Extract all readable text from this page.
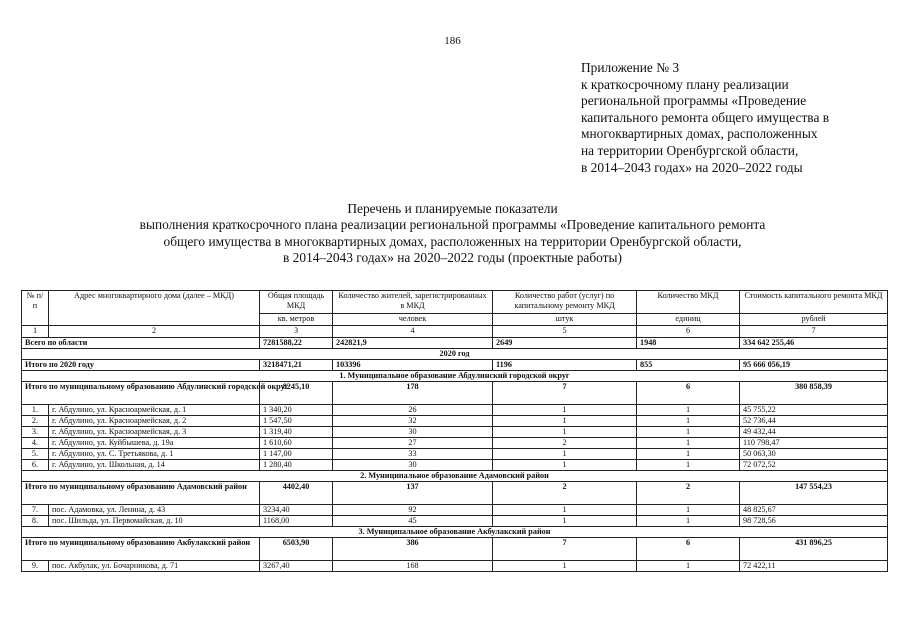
186
Приложение № 3
к краткосрочному плану реализации
региональной программы «Проведение
капитального ремонта общего имущества в
многоквартирных домах, расположенных
на территории Оренбургской области,
в 2014–2043 годах» на 2020–2022 годы
Перечень и планируемые показатели
выполнения краткосрочного плана реализации региональной программы «Проведение капитального ремонта
общего имущества в многоквартирных домах, расположенных на территории Оренбургской области,
в 2014–2043 годах» на 2020–2022 годы (проектные работы)
№ п/п	Адрес многоквартирного дома (далее – МКД)	Общая площадь МКД	Количество жителей, зарегистрированных в МКД	Количество работ (услуг) по капитальному ремонту МКД	Количество МКД	Стоимость капитального ремонта МКД
		кв. метров	человек	штук	единиц	рублей
1	2	3	4	5	6	7
Всего по области		7281588,22	242821,9	2649	1948	334 642 255,46
2020 год						
Итого по 2020 году		3218471,21	103396	1196	855	95 666 056,19
1. Муниципальное образование Абдулинский городской округ						
Итого по муниципальному образованию Абдулинский городской округ		8245,10	178	7	6	380 858,39
1.	г. Абдулино, ул. Красноармейская, д. 1	1 340,20	26	1	1	45 755,22
2.	г. Абдулино, ул. Красноармейская, д. 2	1 547,50	32	1	1	52 736,44
3.	г. Абдулино, ул. Красноармейская, д. 3	1 319,40	30	1	1	49 432,44
4.	г. Абдулино, ул. Куйбышева, д. 19а	1 610,60	27	2	1	110 798,47
5.	г. Абдулино, ул. С. Третьякова, д. 1	1 147,00	33	1	1	50 063,30
6.	г. Абдулино, ул. Школьная, д. 14	1 280,40	30	1	1	72 072,52
2. Муниципальное образование Адамовский район						
Итого по муниципальному образованию Адамовский район		4402,40	137	2	2	147 554,23
7.	пос. Адамовка, ул. Ленина, д. 43	3234,40	92	1	1	48 825,67
8.	пос. Шильда, ул. Первомайская, д. 10	1168,00	45	1	1	98 728,56
3. Муниципальное образование Акбулакский район						
Итого по муниципальному образованию Акбулакский район		6503,90	386	7	6	431 896,25
9.	пос. Акбулак, ул. Бочарникова, д. 71	3267,40	168	1	1	72 422,11
